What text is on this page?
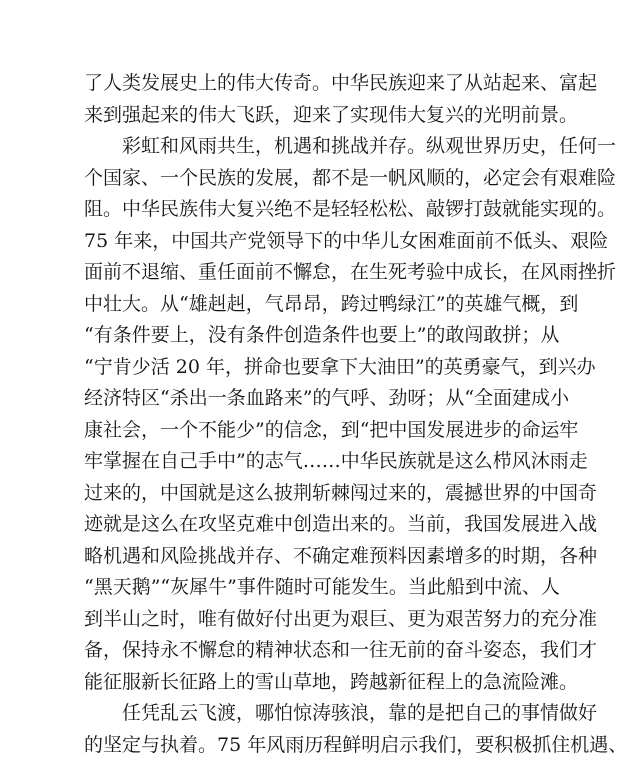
了人类发展史上的伟大传奇。中华民族迎来了从站起来、富起
来到强起来的伟大飞跃，迎来了实现伟大复兴的光明前景。
彩虹和风雨共生，机遇和挑战并存。纵观世界历史，任何一
个国家、一个民族的发展，都不是一帆风顺的，必定会有艰难险
阻。中华民族伟大复兴绝不是轻轻松松、敲锣打鼓就能实现的。
75 年来，中国共产党领导下的中华儿女困难面前不低头、艰险
面前不退缩、重任面前不懈怠，在生死考验中成长，在风雨挫折
中壮大。从“雄赳赳，气昂昂，跨过鸭绿江”的英雄气概，到
“有条件要上，没有条件创造条件也要上”的敢闯敢拼；从
“宁肯少活 20 年，拼命也要拿下大油田”的英勇豪气，到兴办
经济特区“杀出一条血路来”的气呼、劲呀；从“全面建成小
康社会，一个不能少”的信念，到“把中国发展进步的命运牢
牢掌握在自己手中”的志气……中华民族就是这么栉风沐雨走
过来的，中国就是这么披荆斩棘闯过来的，震撼世界的中国奇
迹就是这么在攻坚克难中创造出来的。当前，我国发展进入战
略机遇和风险挑战并存、不确定难预料因素增多的时期，各种
“黑天鹅”“灰犀牛”事件随时可能发生。当此船到中流、人
到半山之时，唯有做好付出更为艰巨、更为艰苦努力的充分准
备，保持永不懈怠的精神状态和一往无前的奋斗姿态，我们才
能征服新长征路上的雪山草地，跨越新征程上的急流险滩。
任凭乱云飞渡，哪怕惊涛骇浪，靠的是把自己的事情做好
的坚定与执着。75 年风雨历程鲜明启示我们，要积极抓住机遇、
